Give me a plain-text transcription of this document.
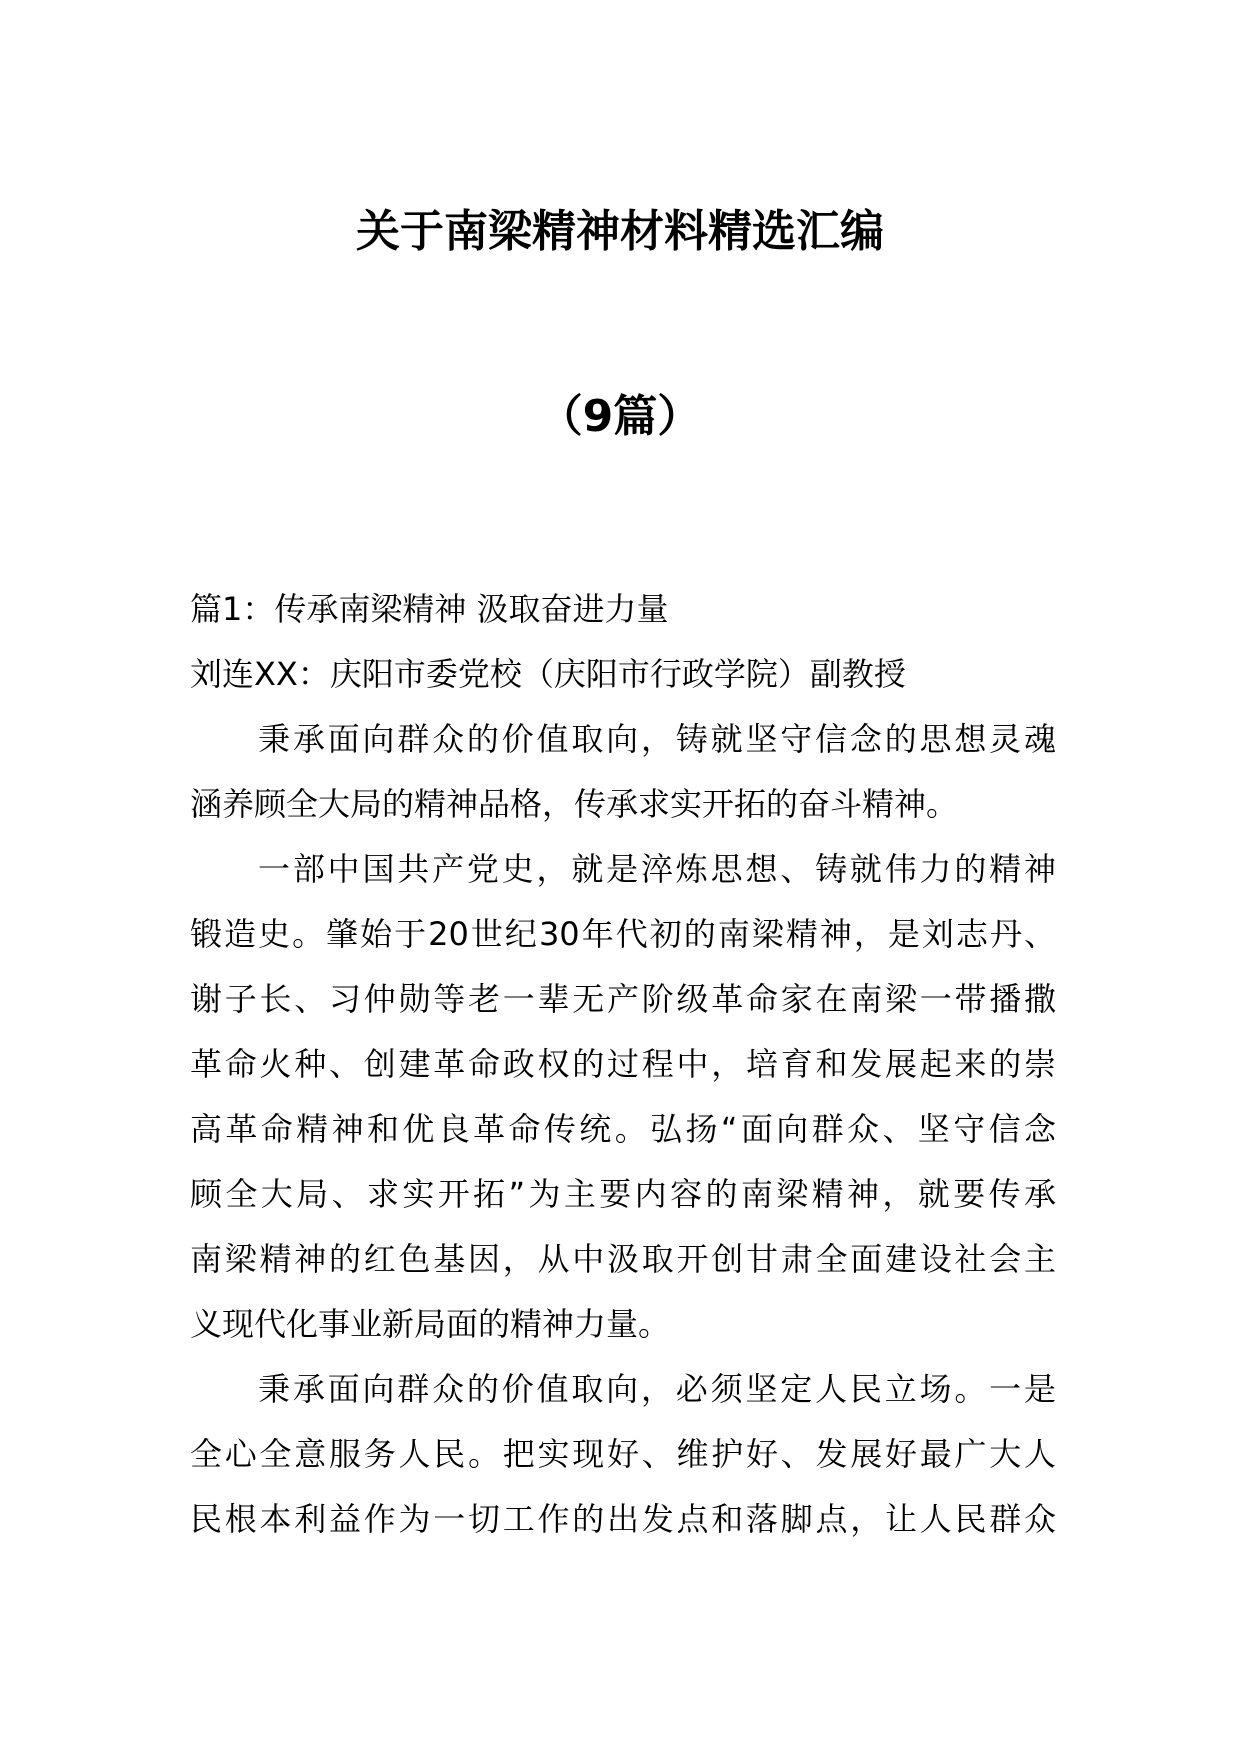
关于南梁精神材料精选汇编
（9篇）

篇1：传承南梁精神 汲取奋进力量

刘连XX：庆阳市委党校（庆阳市行政学院）副教授

秉承面向群众的价值取向，铸就坚守信念的思想灵魂

涵养顾全大局的精神品格，传承求实开拓的奋斗精神。

一部中国共产党史，就是淬炼思想、铸就伟力的精神

锻造史。肇始于20世纪30年代初的南梁精神，是刘志丹、

谢子长、习仲勋等老一辈无产阶级革命家在南梁一带播撒

革命火种、创建革命政权的过程中，培育和发展起来的崇

高革命精神和优良革命传统。弘扬“面向群众、坚守信念

顾全大局、求实开拓”为主要内容的南梁精神，就要传承

南梁精神的红色基因，从中汲取开创甘肃全面建设社会主

义现代化事业新局面的精神力量。

秉承面向群众的价值取向，必须坚定人民立场。一是

全心全意服务人民。把实现好、维护好、发展好最广大人

民根本利益作为一切工作的出发点和落脚点，让人民群众
